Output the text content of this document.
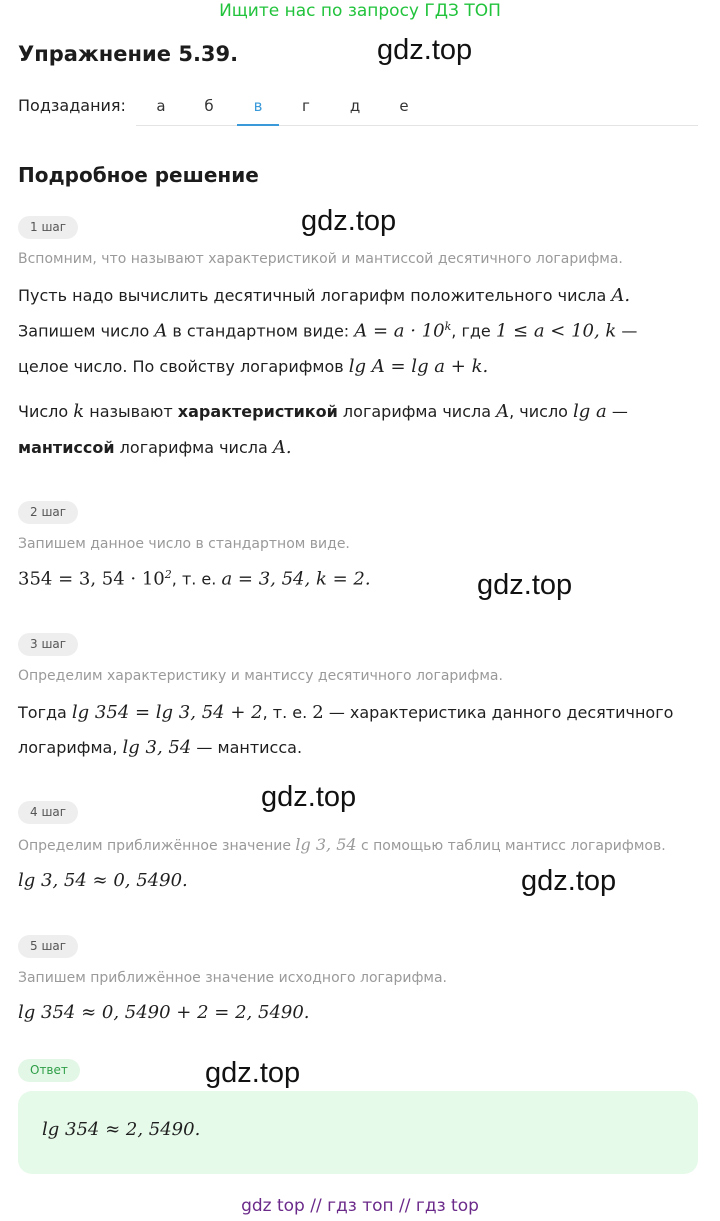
Ищите нас по запросу ГДЗ ТОП
Упражнение 5.39.	gdz.top
gdz.top
gdz.top
gdz.top
gdz.top
gdz.top
Подзадания:	а	б	в	г	д	е
Подробное решение
1 шаг
Вспомним, что называют характеристикой и мантиссой десятичного логарифма.
Пусть надо вычислить десятичный логарифм положительного числа A.
Запишем число A в стандартном виде: $A = a \cdot 10^k$, где 1 ≤ a < 10, k —
целое число. По свойству логарифмов lg A = lg a + k.
Число k называют характеристикой логарифма числа A, число lg a —
мантиссой логарифма числа A.
2 шаг
Запишем данное число в стандартном виде.
354 = 3, $54 \cdot 10^2$, т. е. a = 3, 54, k = 2.
3 шаг
Определим характеристику и мантиссу десятичного логарифма.
Тогда lg 354 = lg 3, 54 + 2, т. е. 2 — характеристика данного десятичного
логарифма, lg 3, 54 — мантисса.
4 шаг
Определим приближённое значение lg 3, 54 с помощью таблиц мантисс логарифмов.
lg 3, 54 ≈ 0, 5490.
5 шаг
Запишем приближённое значение исходного логарифма.
lg 354 ≈ 0, 5490 + 2 = 2, 5490.
Ответ
lg 354 ≈ 2, 5490.
gdz top // гдз топ // гдз top
